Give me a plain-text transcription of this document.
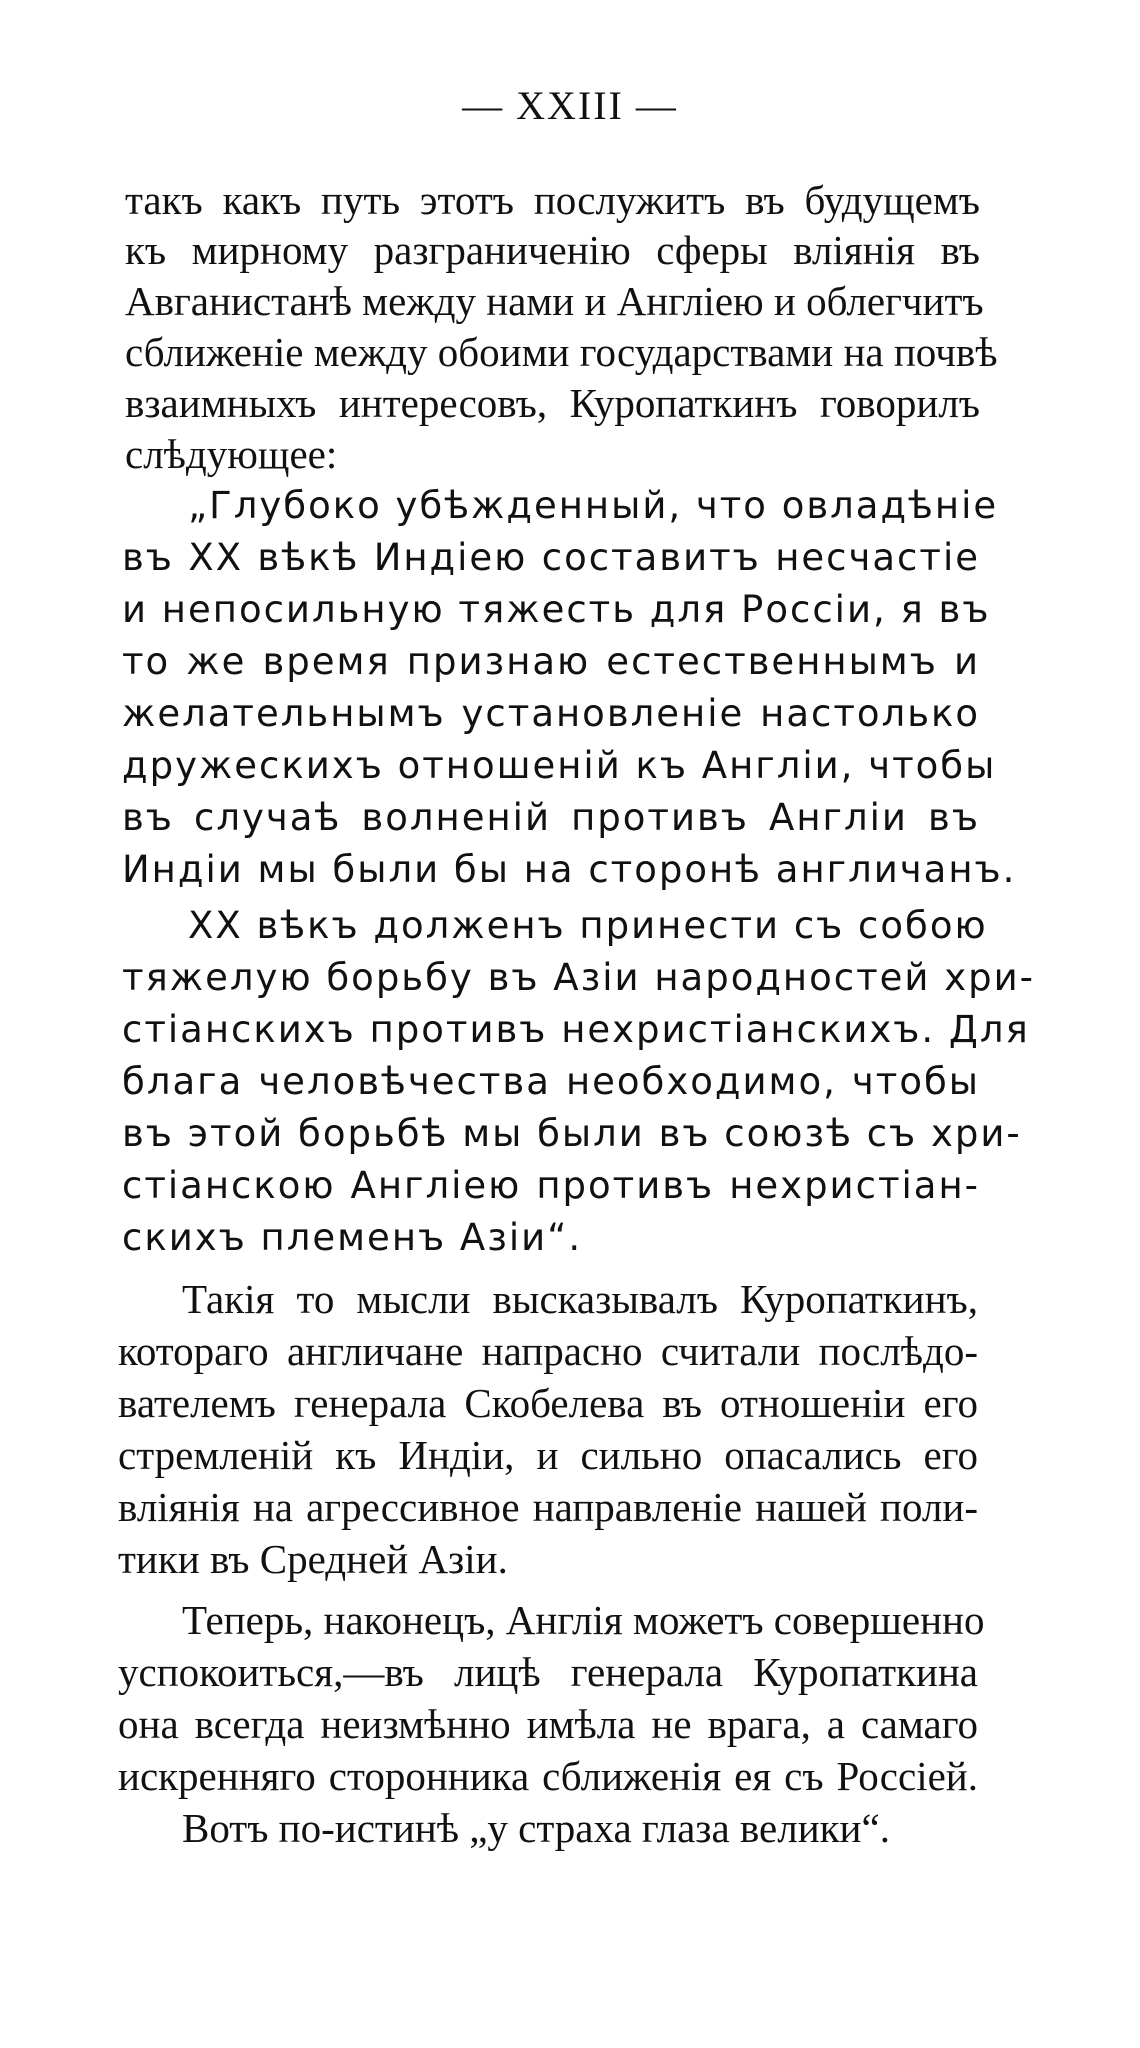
— XXIII —
такъ какъ путь этотъ послужитъ въ будущемъ
къ мирному разграниченію сферы вліянія въ
Авганистанѣ между нами и Англіею и облегчитъ
сближеніе между обоими государствами на почвѣ
взаимныхъ интересовъ, Куропаткинъ говорилъ
слѣдующее:
„Глубоко убѣжденный, что овладѣніе
въ ХХ вѣкѣ Индіею составитъ несчастіе
и непосильную тяжесть для Россіи, я въ
то же время признаю естественнымъ и
желательнымъ установленіе настолько
дружескихъ отношеній къ Англіи, чтобы
въ случаѣ волненій противъ Англіи въ
Индіи мы были бы на сторонѣ англичанъ.
ХХ вѣкъ долженъ принести съ собою
тяжелую борьбу въ Азіи народностей хри-
стіанскихъ противъ нехристіанскихъ. Для
блага человѣчества необходимо, чтобы
въ этой борьбѣ мы были въ союзѣ съ хри-
стіанскою Англіею противъ нехристіан-
скихъ племенъ Азіи“.
Такія то мысли высказывалъ Куропаткинъ,
котораго англичане напрасно считали послѣдо-
вателемъ генерала Скобелева въ отношеніи его
стремленій къ Индіи, и сильно опасались его
вліянія на агрессивное направленіе нашей поли-
тики въ Средней Азіи.
Теперь, наконецъ, Англія можетъ совершенно
успокоиться,—въ лицѣ генерала Куропаткина
она всегда неизмѣнно имѣла не врага, а самаго
искренняго сторонника сближенія ея съ Россіей.
Вотъ по-истинѣ „у страха глаза велики“.
